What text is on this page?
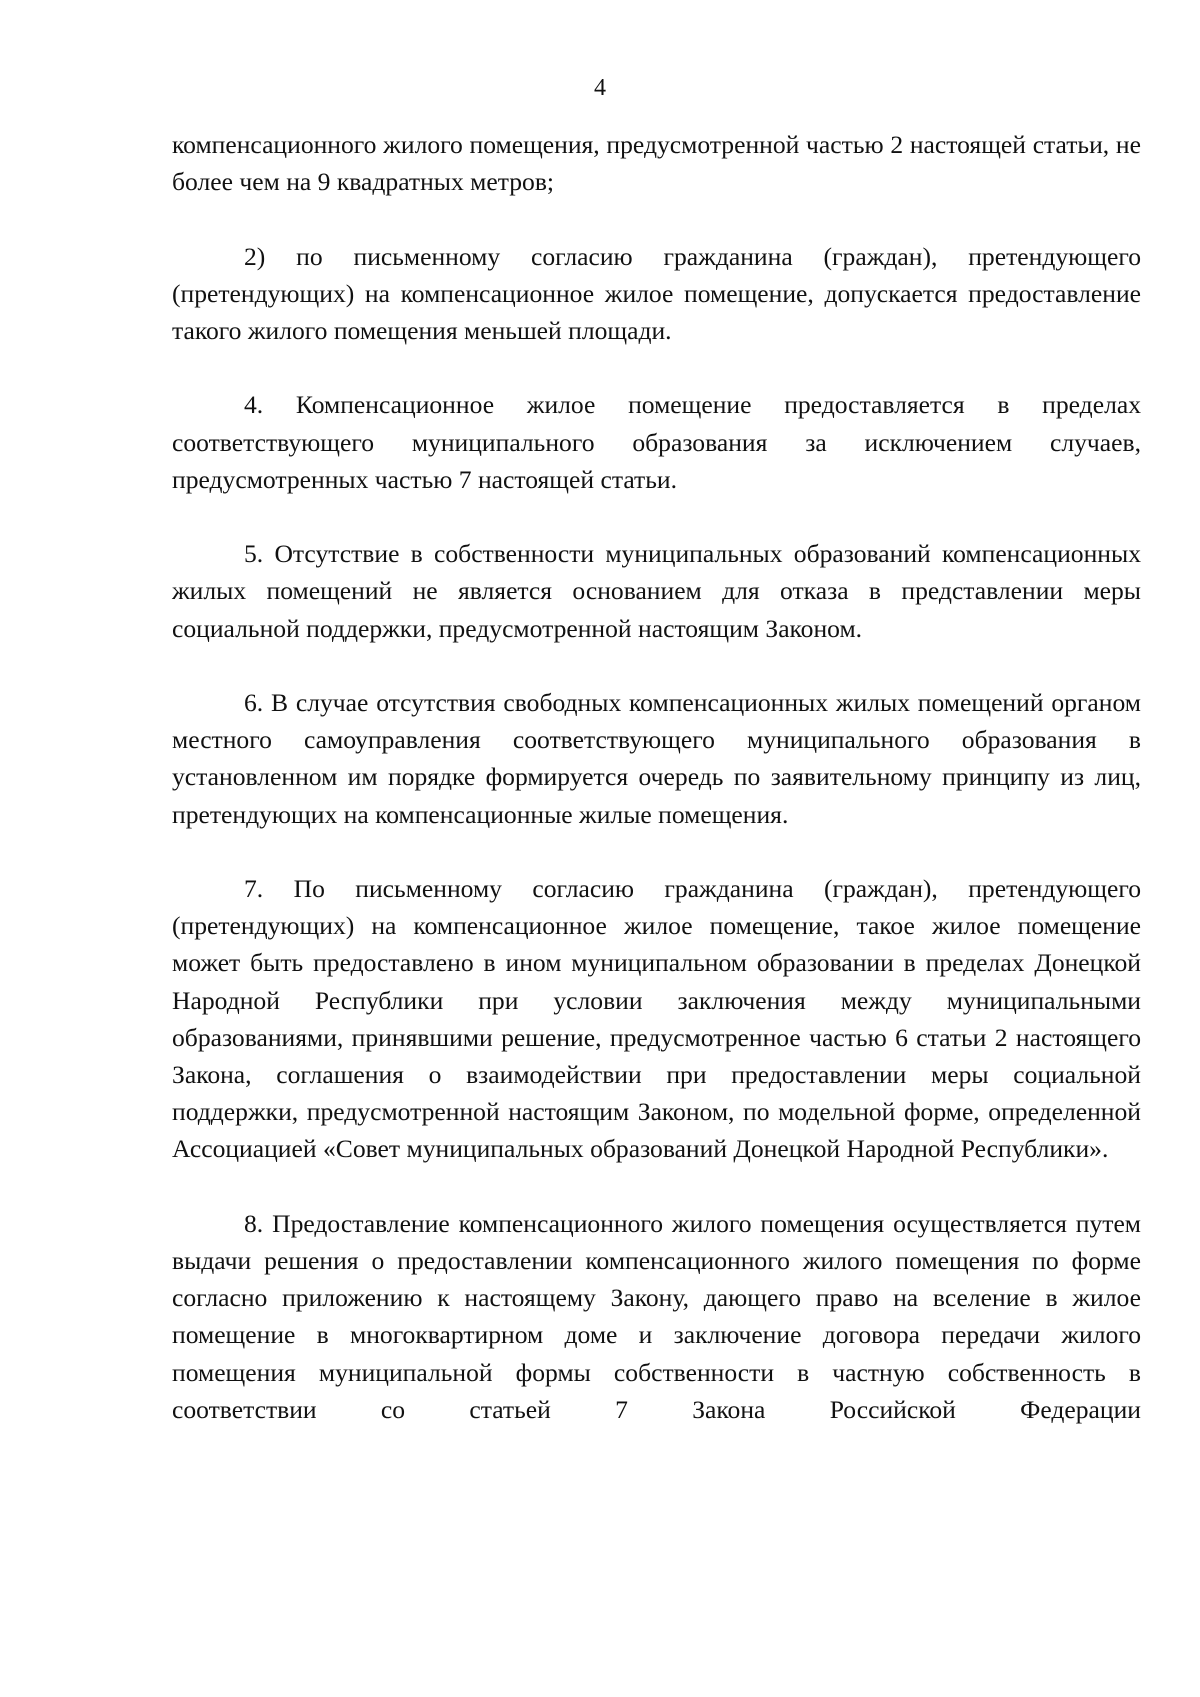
4

компенсационного жилого помещения, предусмотренной частью 2 настоящей статьи, не более чем на 9 квадратных метров;

2) по письменному согласию гражданина (граждан), претендующего (претендующих) на компенсационное жилое помещение, допускается предоставление такого жилого помещения меньшей площади.

4. Компенсационное жилое помещение предоставляется в пределах соответствующего муниципального образования за исключением случаев, предусмотренных частью 7 настоящей статьи.

5. Отсутствие в собственности муниципальных образований компенсационных жилых помещений не является основанием для отказа в представлении меры социальной поддержки, предусмотренной настоящим Законом.

6. В случае отсутствия свободных компенсационных жилых помещений органом местного самоуправления соответствующего муниципального образования в установленном им порядке формируется очередь по заявительному принципу из лиц, претендующих на компенсационные жилые помещения.

7. По письменному согласию гражданина (граждан), претендующего (претендующих) на компенсационное жилое помещение, такое жилое помещение может быть предоставлено в ином муниципальном образовании в пределах Донецкой Народной Республики при условии заключения между муниципальными образованиями, принявшими решение, предусмотренное частью 6 статьи 2 настоящего Закона, соглашения о взаимодействии при предоставлении меры социальной поддержки, предусмотренной настоящим Законом, по модельной форме, определенной Ассоциацией «Совет муниципальных образований Донецкой Народной Республики».

8. Предоставление компенсационного жилого помещения осуществляется путем выдачи решения о предоставлении компенсационного жилого помещения по форме согласно приложению к настоящему Закону, дающего право на вселение в жилое помещение в многоквартирном доме и заключение договора передачи жилого помещения муниципальной формы собственности в частную собственность в соответствии со статьей 7 Закона Российской Федерации
